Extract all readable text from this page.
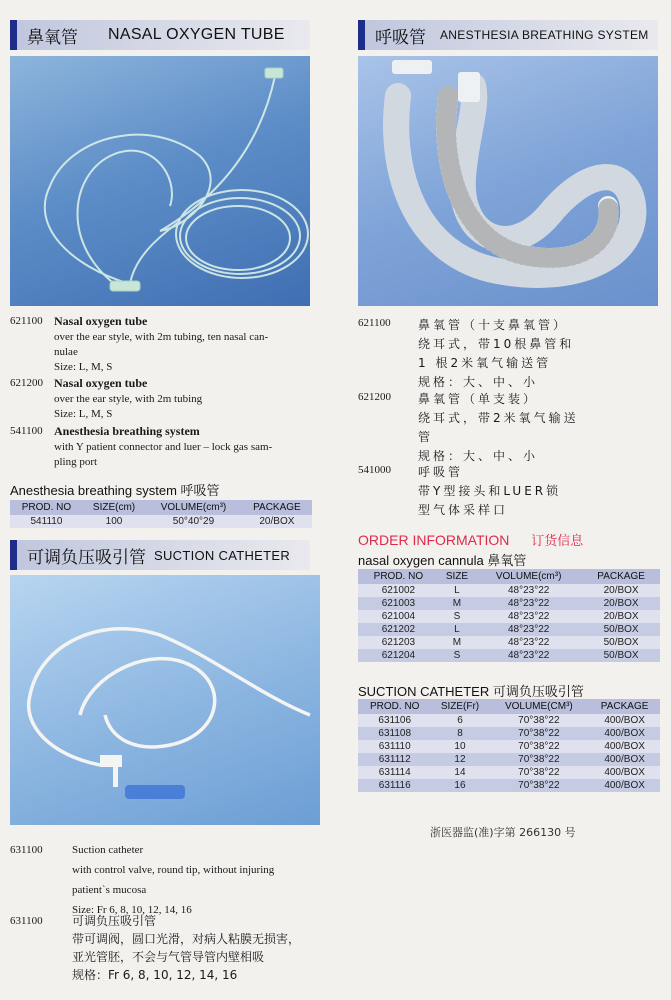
鼻氧管 NASAL OXYGEN TUBE
621100 Nasal oxygen tube
over the ear style, with 2m tubing, ten nasal can-
nulae
Size: L, M, S
621200 Nasal oxygen tube
over the ear style, with 2m tubing
Size: L, M, S
541100 Anesthesia breathing system
with Y patient connector and luer – lock gas sam-
pling port
Anesthesia breathing system 呼吸管
PROD. NO	SIZE(cm)	VOLUME(cm³)	PACKAGE
541110	100	50°40°29	20/BOX
可调负压吸引管 SUCTION CATHETER
631100	Suction catheter
with control valve, round tip, without injuring
patient`s mucosa
Size: Fr 6, 8, 10, 12, 14, 16
631100 可调负压吸引管
带可调阀，圆口光滑，对病人粘膜无损害，
亚光管胚，不会与气管导管内壁相吸
规格：Fr 6, 8, 10, 12, 14, 16
呼吸管 ANESTHESIA BREATHING SYSTEM
621100 鼻氧管（十支鼻氧管）
绕耳式，带10根鼻管和
1 根2米氧气输送管
规格：大、中、小
621200 鼻氧管（单支装）
绕耳式，带2米氧气输送
管
规格：大、中、小
541000 呼吸管
带Y型接头和LUER锁
型气体采样口
ORDER INFORMATION 订货信息
nasal oxygen cannula 鼻氧管
PROD. NO	SIZE	VOLUME(cm³)	PACKAGE
621002	L	48°23°22	20/BOX
621003	M	48°23°22	20/BOX
621004	S	48°23°22	20/BOX
621202	L	48°23°22	50/BOX
621203	M	48°23°22	50/BOX
621204	S	48°23°22	50/BOX
SUCTION CATHETER 可调负压吸引管
PROD. NO	SIZE(Fr)	VOLUME(CM³)	PACKAGE
631106	6	70°38°22	400/BOX
631108	8	70°38°22	400/BOX
631110	10	70°38°22	400/BOX
631112	12	70°38°22	400/BOX
631114	14	70°38°22	400/BOX
631116	16	70°38°22	400/BOX
浙医器监(准)字第 266130 号
